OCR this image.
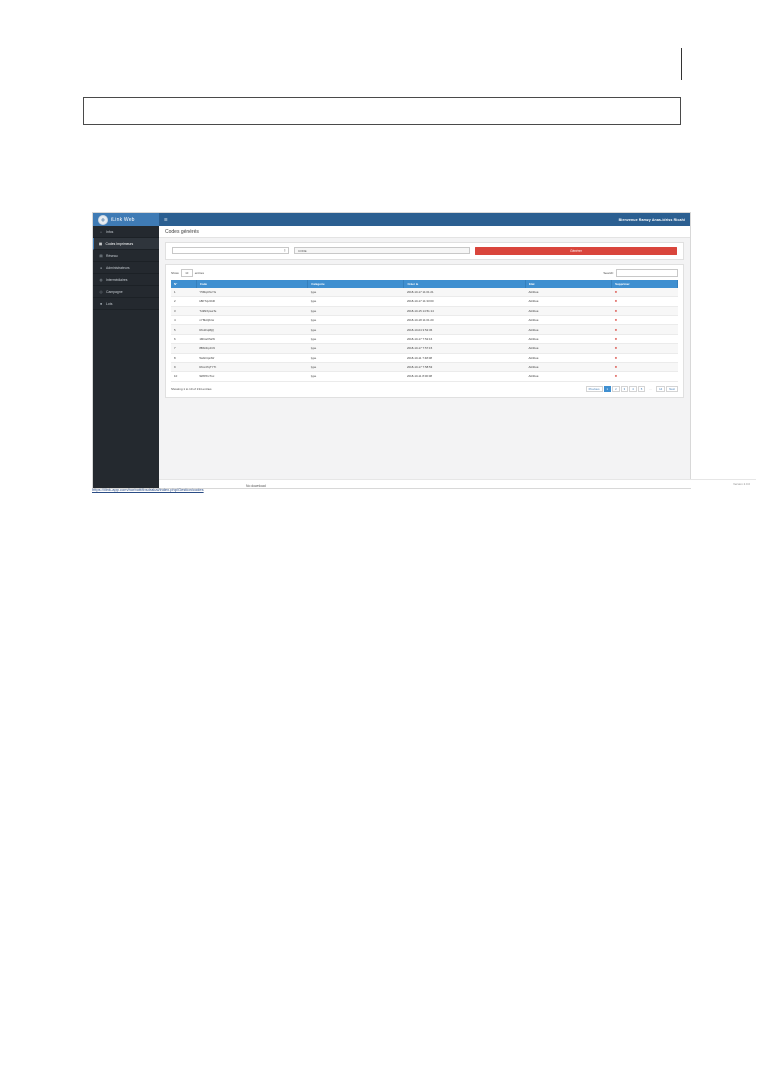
◍	iLink Web	☰	Bienvenue Ramzy Anas-idriss Ricahi
⌂ Infos
▦ Codes Imprimeurs
▤ Réseau
● Administrateurs
◍ Intermédiaires
◎ Campagne
■ Lots
Codes générés
⇕	CODE	Générer
Show 10 entries	Search:
N°	Code	Catégorie	Créer le	Etat	Supprimer
1	Y5MqUhxYG	type	2018-10-17 11:01:21	Attribué	✖
2	k8KTqUzbR	type	2018-10-17 11:33:00	Attribué	✖
3	Tu9NXpwsTe	type	2018-10-15 14:51:14	Attribué	✖
4	nY8kUjKzw	type	2018-10-18 11:01:20	Attribué	✖
5	RG1FqMjQ	type	2018-10-04 3:52:36	Attribué	✖
6	1MCaXS2Xi	type	2018-10-17 7:52:16	Attribué	✖
7	8BbCbpJC9	type	2018-10-17 7:57:15	Attribué	✖
8	5w9crtpnMr	type	2018-10-11 7:48:08	Attribué	✖
9	RGx47qTYTt	type	2018-10-17 7:58:53	Attribué	✖
10	9WPrhcTuc	type	2018-10-11 8:00:08	Attribué	✖
Showing 1 to 10 of 134 entries	Previous	1	2	3	4	5	…	14	Next
Version 2.0.0
https://ilink-app.com/horbott/tbsdrakai/index.php/Gestion/codes
No download
